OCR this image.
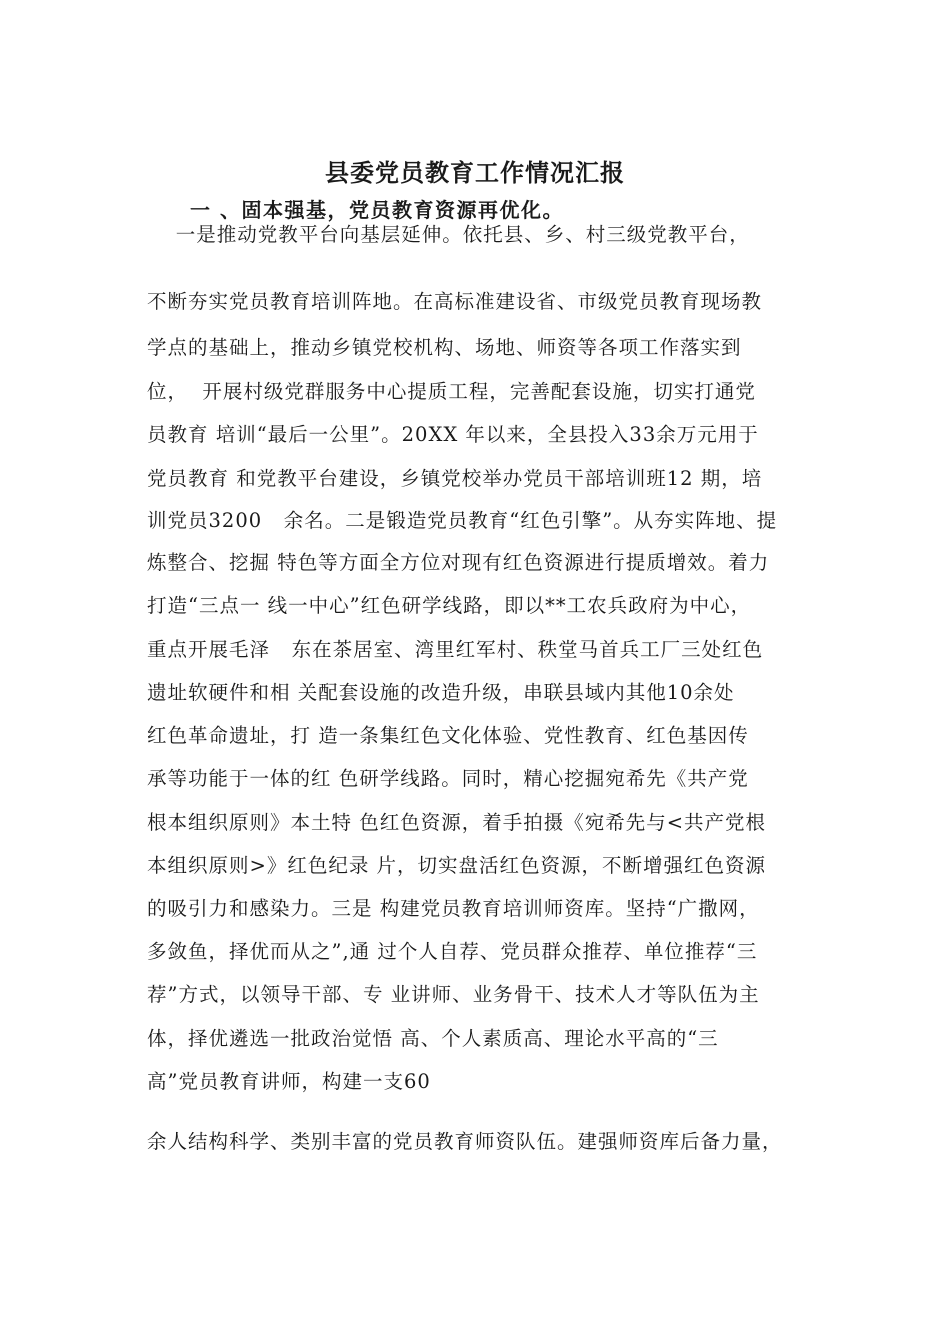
县委党员教育工作情况汇报
一 、固本强基，党员教育资源再优化。
一是推动党教平台向基层延伸。依托县、乡、村三级党教平台，
不断夯实党员教育培训阵地。在高标准建设省、市级党员教育现场教
学点的基础上，推动乡镇党校机构、场地、师资等各项工作落实到
位，  开展村级党群服务中心提质工程，完善配套设施，切实打通党
员教育 培训“最后一公里”。20XX 年以来，全县投入33余万元用于
党员教育 和党教平台建设，乡镇党校举办党员干部培训班12 期，培
训党员3200   余名。二是锻造党员教育“红色引擎”。从夯实阵地、提
炼整合、挖掘 特色等方面全方位对现有红色资源进行提质增效。着力
打造“三点一 线一中心”红色研学线路，即以**工农兵政府为中心，
重点开展毛泽   东在茶居室、湾里红军村、秩堂马首兵工厂三处红色
遗址软硬件和相 关配套设施的改造升级，串联县域内其他10余处
红色革命遗址，打 造一条集红色文化体验、党性教育、红色基因传
承等功能于一体的红 色研学线路。同时，精心挖掘宛希先《共产党
根本组织原则》本土特 色红色资源，着手拍摄《宛希先与<共产党根
本组织原则>》红色纪录 片，切实盘活红色资源，不断增强红色资源
的吸引力和感染力。三是 构建党员教育培训师资库。坚持“广撒网，
多敛鱼，择优而从之”,通 过个人自荐、党员群众推荐、单位推荐“三
荐”方式，以领导干部、专 业讲师、业务骨干、技术人才等队伍为主
体，择优遴选一批政治觉悟 高、个人素质高、理论水平高的“三
高”党员教育讲师，构建一支60
余人结构科学、类别丰富的党员教育师资队伍。建强师资库后备力量，
